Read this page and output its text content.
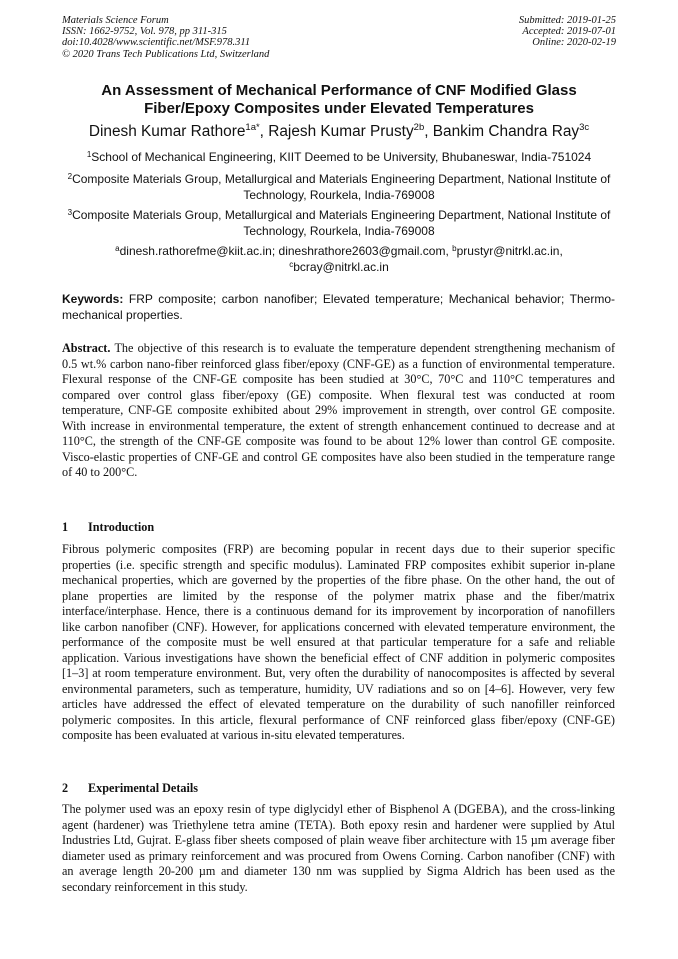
Materials Science Forum
ISSN: 1662-9752, Vol. 978, pp 311-315
doi:10.4028/www.scientific.net/MSF.978.311
© 2020 Trans Tech Publications Ltd, Switzerland
Submitted: 2019-01-25
Accepted: 2019-07-01
Online: 2020-02-19
An Assessment of Mechanical Performance of CNF Modified Glass
Fiber/Epoxy Composites under Elevated Temperatures
Dinesh Kumar Rathore$^{1a*}$, Rajesh Kumar Prusty$^{2b}$, Bankim Chandra Ray$^{3c}$
$^1$School of Mechanical Engineering, KIIT Deemed to be University, Bhubaneswar, India-751024
$^2$Composite Materials Group, Metallurgical and Materials Engineering Department, National Institute of Technology, Rourkela, India-769008
$^3$Composite Materials Group, Metallurgical and Materials Engineering Department, National Institute of Technology, Rourkela, India-769008
$^a$dinesh.rathorefme@kiit.ac.in; dineshrathore2603@gmail.com, $^b$prustyr@nitrkl.ac.in,
$^c$bcray@nitrkl.ac.in
Keywords: FRP composite; carbon nanofiber; Elevated temperature; Mechanical behavior; Thermo-mechanical properties.
Abstract. The objective of this research is to evaluate the temperature dependent strengthening mechanism of 0.5 wt.% carbon nano-fiber reinforced glass fiber/epoxy (CNF-GE) as a function of environmental temperature. Flexural response of the CNF-GE composite has been studied at 30°C, 70°C and 110°C temperatures and compared over control glass fiber/epoxy (GE) composite. When flexural test was conducted at room temperature, CNF-GE composite exhibited about 29% improvement in strength, over control GE composite. With increase in environmental temperature, the extent of strength enhancement continued to decrease and at 110°C, the strength of the CNF-GE composite was found to be about 12% lower than control GE composite. Visco-elastic properties of CNF-GE and control GE composites have also been studied in the temperature range of 40 to 200°C.
1 Introduction
Fibrous polymeric composites (FRP) are becoming popular in recent days due to their superior specific properties (i.e. specific strength and specific modulus). Laminated FRP composites exhibit superior in-plane mechanical properties, which are governed by the properties of the fibre phase. On the other hand, the out of plane properties are limited by the response of the polymer matrix phase and the fiber/matrix interface/interphase. Hence, there is a continuous demand for its improvement by incorporation of nanofillers like carbon nanofiber (CNF). However, for applications concerned with elevated temperature environment, the performance of the composite must be well ensured at that particular temperature for a safe and reliable application. Various investigations have shown the beneficial effect of CNF addition in polymeric composites [1–3] at room temperature environment. But, very often the durability of nanocomposites is affected by several environmental parameters, such as temperature, humidity, UV radiations and so on [4–6]. However, very few articles have addressed the effect of elevated temperature on the durability of such nanofiller reinforced polymeric composites. In this article, flexural performance of CNF reinforced glass fiber/epoxy (CNF-GE) composite has been evaluated at various in-situ elevated temperatures.
2 Experimental Details
The polymer used was an epoxy resin of type diglycidyl ether of Bisphenol A (DGEBA), and the cross-linking agent (hardener) was Triethylene tetra amine (TETA). Both epoxy resin and hardener were supplied by Atul Industries Ltd, Gujrat. E-glass fiber sheets composed of plain weave fiber architecture with 15 µm average fiber diameter used as primary reinforcement and was procured from Owens Corning. Carbon nanofiber (CNF) with an average length 20-200 µm and diameter 130 nm was supplied by Sigma Aldrich has been used as the secondary reinforcement in this study.
